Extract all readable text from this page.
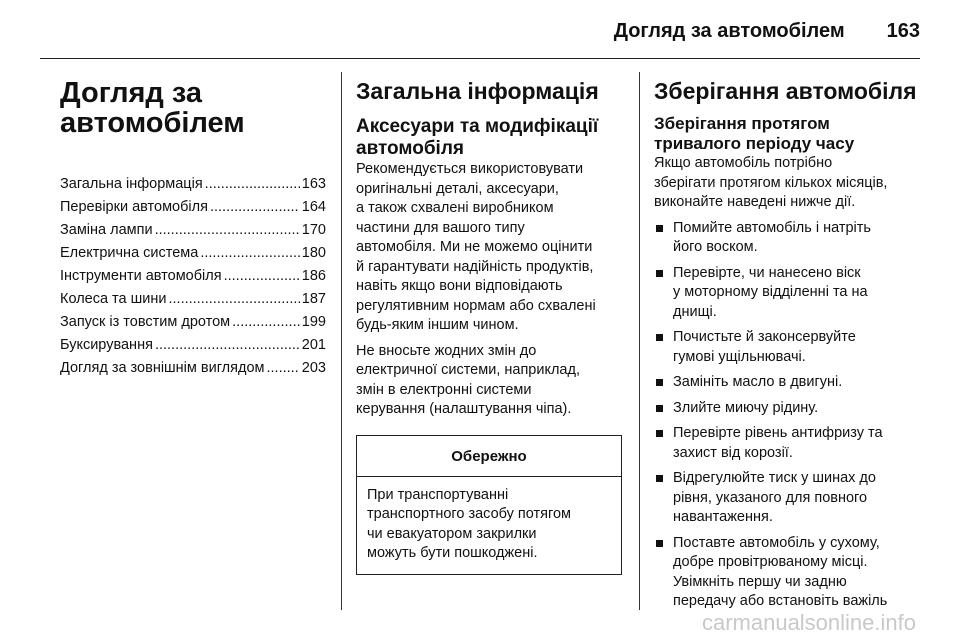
Догляд за автомобілем 163
Догляд за
автомобілем
Загальна інформація .....	163
Перевірки автомобіля .....	164
Заміна лампи .....	170
Електрична система .....	180
Інструменти автомобіля .....	186
Колеса та шини .....	187
Запуск із товстим дротом .....	199
Буксирування .....	201
Догляд за зовнішнім виглядом .....	203
Загальна інформація
Аксесуари та модифікації
автомобіля
Рекомендується використовувати
оригінальні деталі, аксесуари,
а також схвалені виробником
частини для вашого типу
автомобіля. Ми не можемо оцінити
й гарантувати надійність продуктів,
навіть якщо вони відповідають
регулятивним нормам або схвалені
будь-яким іншим чином.
Не вносьте жодних змін до
електричної системи, наприклад,
змін в електронні системи
керування (налаштування чіпа).
Обережно
При транспортуванні
транспортного засобу потягом
чи евакуатором закрилки
можуть бути пошкоджені.
Зберігання автомобіля
Зберігання протягом
тривалого періоду часу
Якщо автомобіль потрібно
зберігати протягом кількох місяців,
виконайте наведені нижче дії.
Помийте автомобіль і натріть
його воском.
Перевірте, чи нанесено віск
у моторному відділенні та на
днищі.
Почистьте й законсервуйте
гумові ущільнювачі.
Замініть масло в двигуні.
Злийте миючу рідину.
Перевірте рівень антифризу та
захист від корозії.
Відрегулюйте тиск у шинах до
рівня, указаного для повного
навантаження.
Поставте автомобіль у сухому,
добре провітрюваному місці.
Увімкніть першу чи задню
передачу або встановіть важіль
carmanualsonline.info
